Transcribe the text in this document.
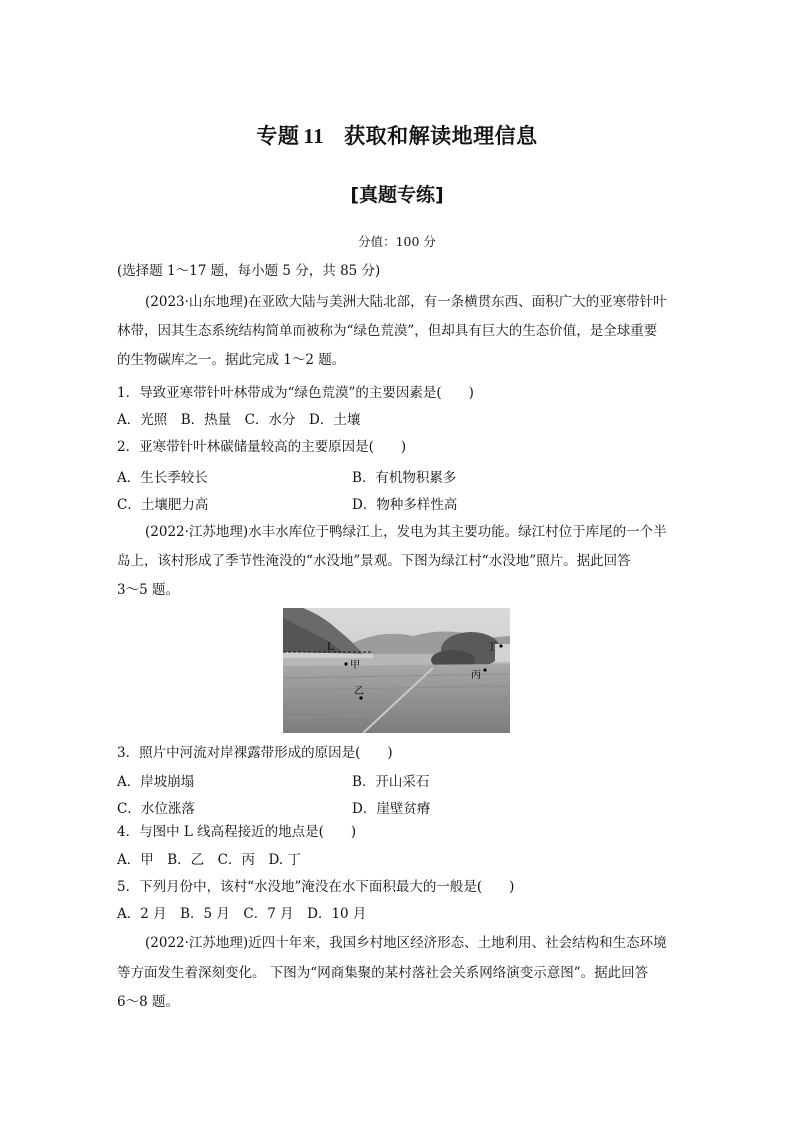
专题 11 获取和解读地理信息
[真题专练]
分值：100 分
(选择题 1～17 题，每小题 5 分，共 85 分)
(2023·山东地理)在亚欧大陆与美洲大陆北部，有一条横贯东西、面积广大的亚寒带针叶
林带，因其生态系统结构简单而被称为“绿色荒漠”，但却具有巨大的生态价值，是全球重要
的生物碳库之一。据此完成 1～2 题。
1．导致亚寒带针叶林带成为“绿色荒漠”的主要因素是(　　)
A．光照　B．热量　C．水分　D．土壤
2．亚寒带针叶林碳储量较高的主要原因是(　　)
A．生长季较长	B．有机物积累多
C．土壤肥力高	D．物种多样性高
(2022·江苏地理)水丰水库位于鸭绿江上，发电为其主要功能。绿江村位于库尾的一个半
岛上，该村形成了季节性淹没的“水没地”景观。下图为绿江村“水没地”照片。据此回答
3～5 题。
L
甲
乙
丙
丁
3．照片中河流对岸裸露带形成的原因是(　　)
A．岸坡崩塌	B．开山采石
C．水位涨落	D．崖壁贫瘠
4．与图中 L 线高程接近的地点是(　　)
A．甲　B．乙　C．丙　D. 丁
5．下列月份中，该村“水没地”淹没在水下面积最大的一般是(　　)
A．2 月　B．5 月　C．7 月　D．10 月
(2022·江苏地理)近四十年来，我国乡村地区经济形态、土地利用、社会结构和生态环境
等方面发生着深刻变化。 下图为“网商集聚的某村落社会关系网络演变示意图”。据此回答
6～8 题。
